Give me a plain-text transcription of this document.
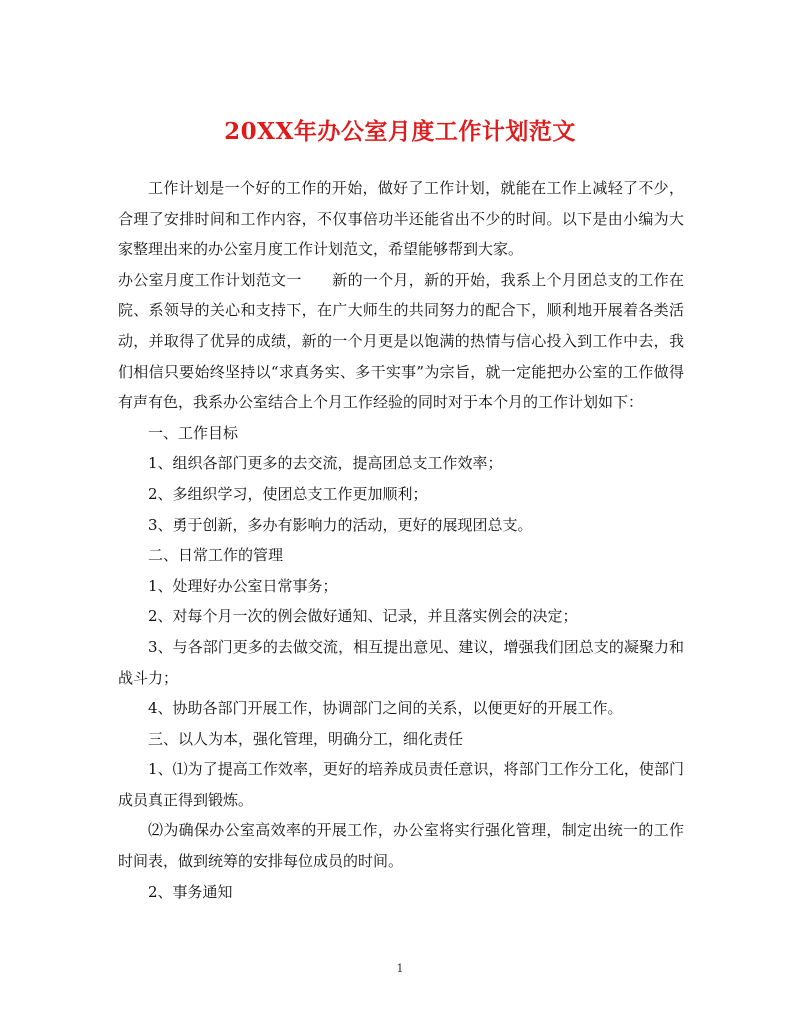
20XX年办公室月度工作计划范文

工作计划是一个好的工作的开始，做好了工作计划，就能在工作上减轻了不少，合理了安排时间和工作内容，不仅事倍功半还能省出不少的时间。以下是由小编为大家整理出来的办公室月度工作计划范文，希望能够帮到大家。

办公室月度工作计划范文一　　新的一个月，新的开始，我系上个月团总支的工作在院、系领导的关心和支持下，在广大师生的共同努力的配合下，顺利地开展着各类活动，并取得了优异的成绩，新的一个月更是以饱满的热情与信心投入到工作中去，我们相信只要始终坚持以“求真务实、多干实事”为宗旨，就一定能把办公室的工作做得有声有色，我系办公室结合上个月工作经验的同时对于本个月的工作计划如下：

一、工作目标

1、组织各部门更多的去交流，提高团总支工作效率；

2、多组织学习，使团总支工作更加顺利；

3、勇于创新，多办有影响力的活动，更好的展现团总支。

二、日常工作的管理

1、处理好办公室日常事务；

2、对每个月一次的例会做好通知、记录，并且落实例会的决定；

3、与各部门更多的去做交流，相互提出意见、建议，增强我们团总支的凝聚力和战斗力；

4、协助各部门开展工作，协调部门之间的关系，以便更好的开展工作。

三、以人为本，强化管理，明确分工，细化责任

1、⑴为了提高工作效率，更好的培养成员责任意识，将部门工作分工化，使部门成员真正得到锻炼。

⑵为确保办公室高效率的开展工作，办公室将实行强化管理，制定出统一的工作时间表，做到统筹的安排每位成员的时间。

2、事务通知

1
